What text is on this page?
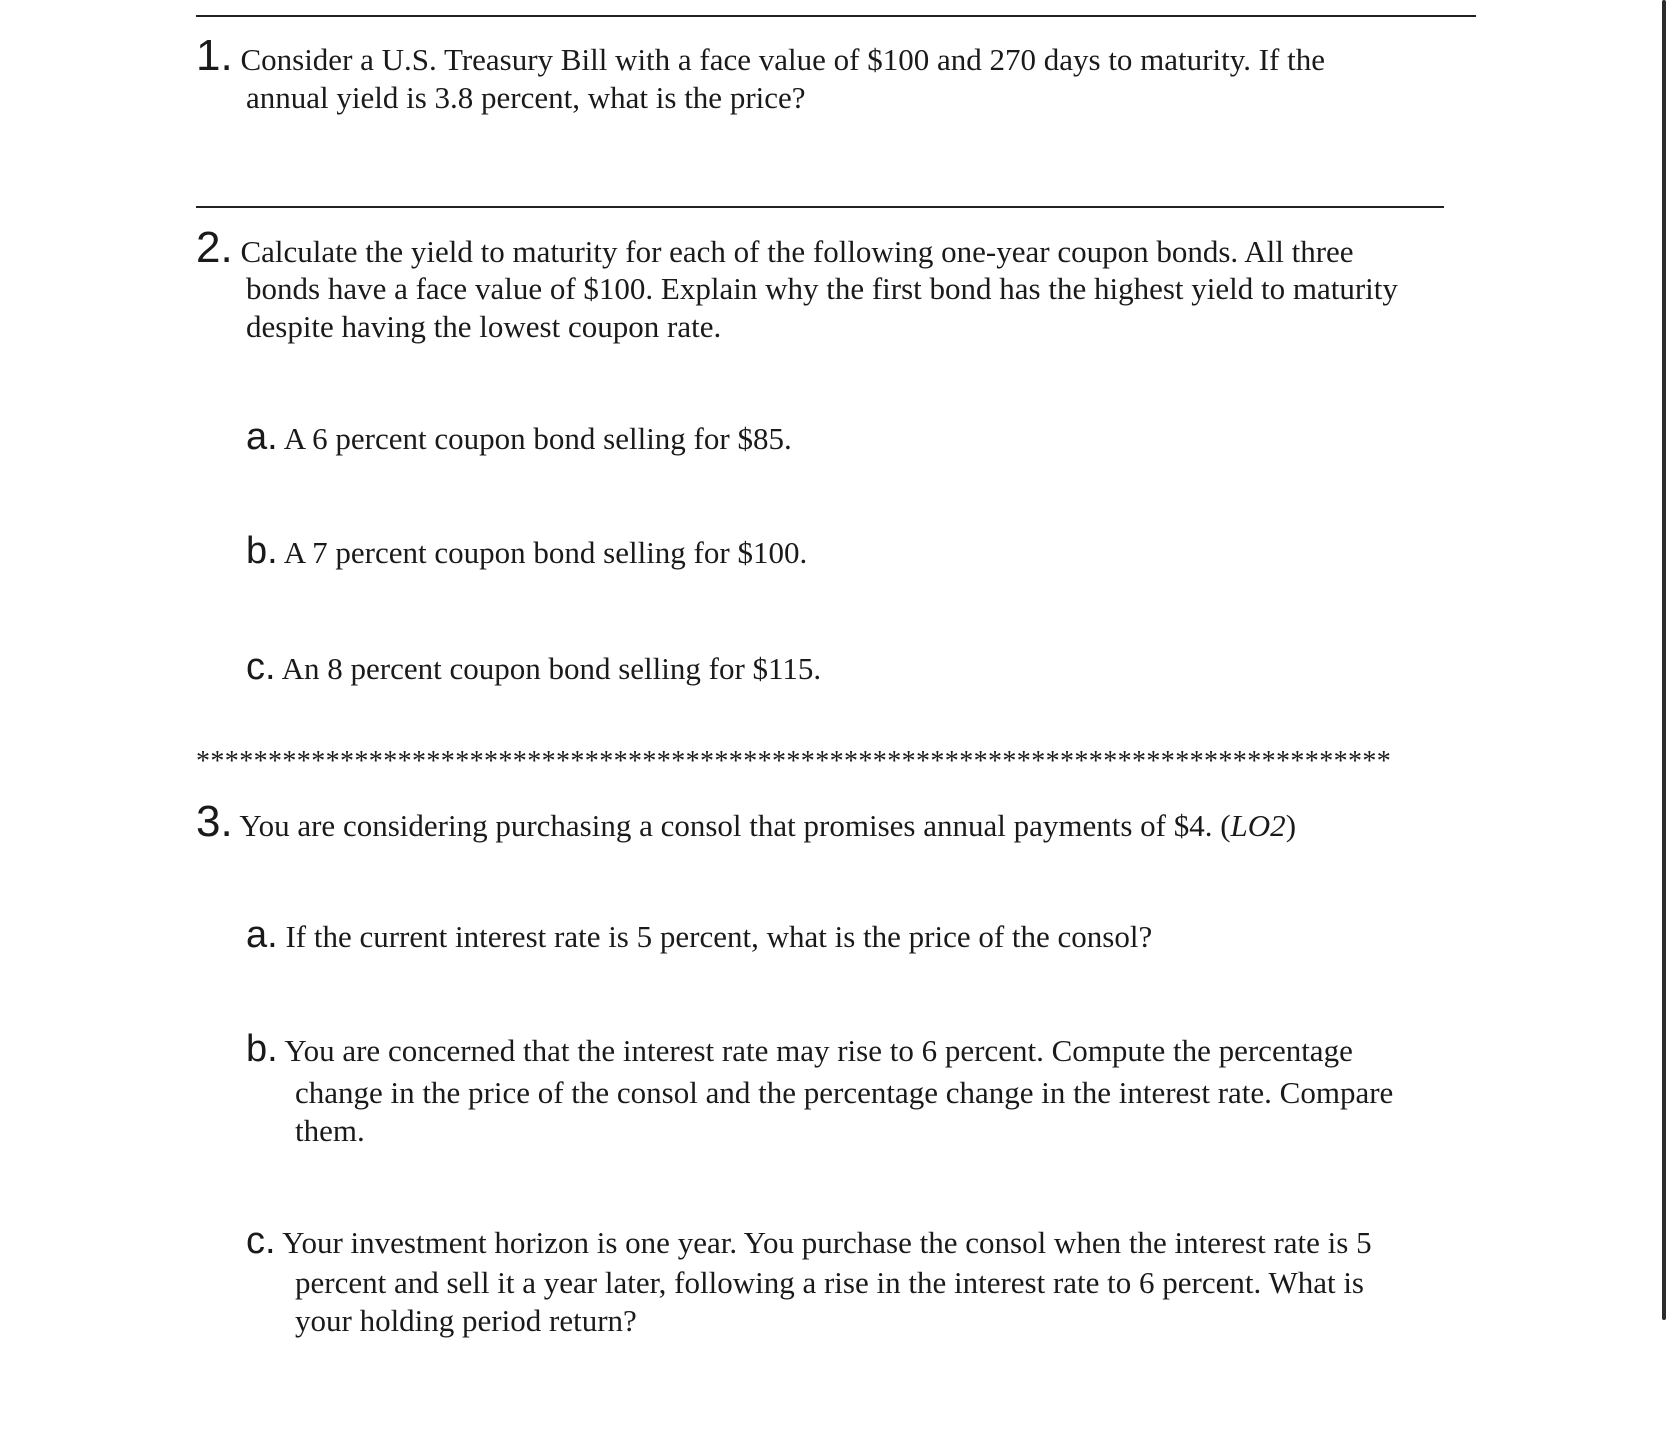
1. Consider a U.S. Treasury Bill with a face value of $100 and 270 days to maturity. If the
annual yield is 3.8 percent, what is the price?
2. Calculate the yield to maturity for each of the following one-year coupon bonds. All three
bonds have a face value of $100. Explain why the first bond has the highest yield to maturity
despite having the lowest coupon rate.
a. A 6 percent coupon bond selling for $85.
b. A 7 percent coupon bond selling for $100.
c. An 8 percent coupon bond selling for $115.
***********************************************************************************
3. You are considering purchasing a consol that promises annual payments of $4. (LO2)
a. If the current interest rate is 5 percent, what is the price of the consol?
b. You are concerned that the interest rate may rise to 6 percent. Compute the percentage
change in the price of the consol and the percentage change in the interest rate. Compare
them.
c. Your investment horizon is one year. You purchase the consol when the interest rate is 5
percent and sell it a year later, following a rise in the interest rate to 6 percent. What is
your holding period return?
